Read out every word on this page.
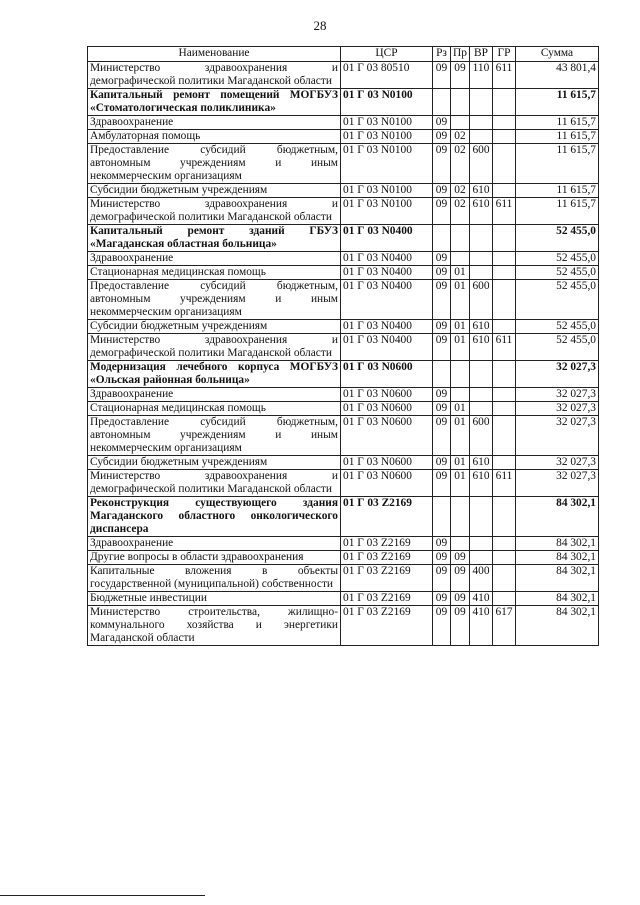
28
Наименование	ЦСР	Рз	Пр	ВР	ГР	Сумма
Министерство здравоохранения и демографической политики Магаданской области	01 Г 03 80510	09	09	110	611	43 801,4
Капитальный ремонт помещений МОГБУЗ «Стоматологическая поликлиника»	01 Г 03 N0100					11 615,7
Здравоохранение	01 Г 03 N0100	09				11 615,7
Амбулаторная помощь	01 Г 03 N0100	09	02			11 615,7
Предоставление субсидий бюджетным, автономным учреждениям и иным некоммерческим организациям	01 Г 03 N0100	09	02	600		11 615,7
Субсидии бюджетным учреждениям	01 Г 03 N0100	09	02	610		11 615,7
Министерство здравоохранения и демографической политики Магаданской области	01 Г 03 N0100	09	02	610	611	11 615,7
Капитальный ремонт зданий ГБУЗ «Магаданская областная больница»	01 Г 03 N0400					52 455,0
Здравоохранение	01 Г 03 N0400	09				52 455,0
Стационарная медицинская помощь	01 Г 03 N0400	09	01			52 455,0
Предоставление субсидий бюджетным, автономным учреждениям и иным некоммерческим организациям	01 Г 03 N0400	09	01	600		52 455,0
Субсидии бюджетным учреждениям	01 Г 03 N0400	09	01	610		52 455,0
Министерство здравоохранения и демографической политики Магаданской области	01 Г 03 N0400	09	01	610	611	52 455,0
Модернизация лечебного корпуса МОГБУЗ «Ольская районная больница»	01 Г 03 N0600					32 027,3
Здравоохранение	01 Г 03 N0600	09				32 027,3
Стационарная медицинская помощь	01 Г 03 N0600	09	01			32 027,3
Предоставление субсидий бюджетным, автономным учреждениям и иным некоммерческим организациям	01 Г 03 N0600	09	01	600		32 027,3
Субсидии бюджетным учреждениям	01 Г 03 N0600	09	01	610		32 027,3
Министерство здравоохранения и демографической политики Магаданской области	01 Г 03 N0600	09	01	610	611	32 027,3
Реконструкция существующего здания Магаданского областного онкологического диспансера	01 Г 03 Z2169					84 302,1
Здравоохранение	01 Г 03 Z2169	09				84 302,1
Другие вопросы в области здравоохранения	01 Г 03 Z2169	09	09			84 302,1
Капитальные вложения в объекты государственной (муниципальной) собственности	01 Г 03 Z2169	09	09	400		84 302,1
Бюджетные инвестиции	01 Г 03 Z2169	09	09	410		84 302,1
Министерство строительства, жилищно-коммунального хозяйства и энергетики Магаданской области	01 Г 03 Z2169	09	09	410	617	84 302,1
